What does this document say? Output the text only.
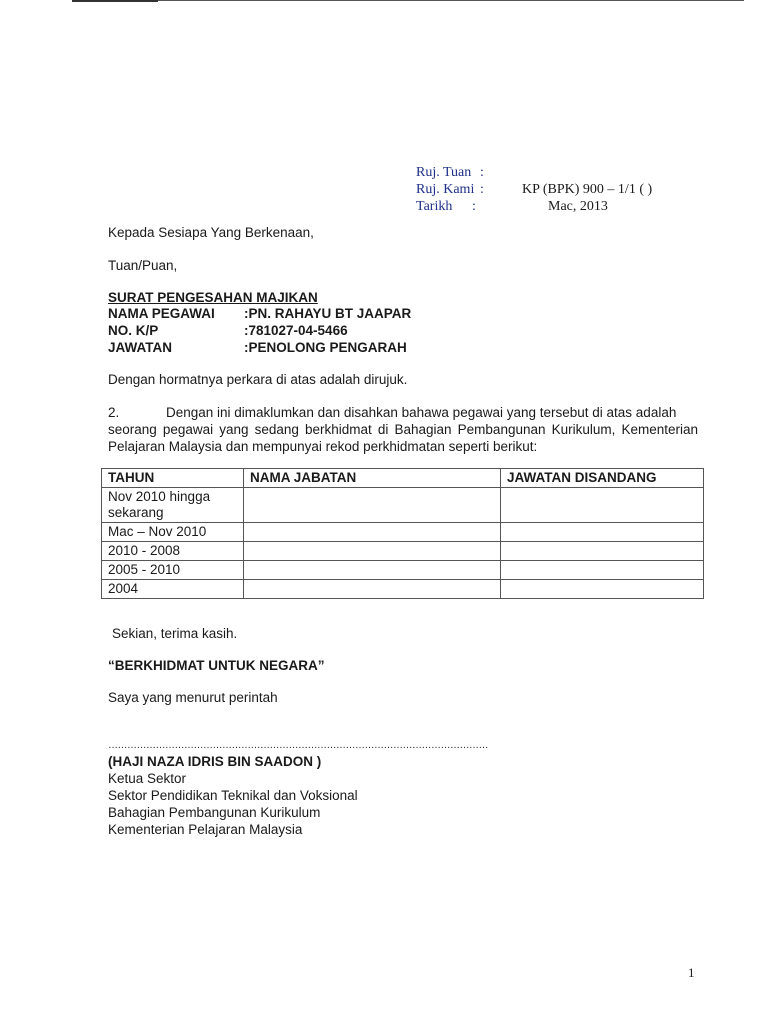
Ruj. Tuan :
Ruj. Kami :	KP (BPK) 900 – 1/1 ( )
Tarikh :	Mac, 2013
Kepada Sesiapa Yang Berkenaan,
Tuan/Puan,
SURAT PENGESAHAN MAJIKAN
NAMA PEGAWAI :PN. RAHAYU BT JAAPAR
NO. K/P	:781027-04-5466
JAWATAN	:PENOLONG PENGARAH
Dengan hormatnya perkara di atas adalah dirujuk.
2.	Dengan ini dimaklumkan dan disahkan bahawa pegawai yang tersebut di atas adalah
seorang pegawai yang sedang berkhidmat di Bahagian Pembangunan Kurikulum, Kementerian Pelajaran Malaysia dan mempunyai rekod perkhidmatan seperti berikut:
TAHUN	NAMA JABATAN	JAWATAN DISANDANG
Nov 2010 hingga sekarang		
Mac – Nov 2010		
2010 - 2008		
2005 - 2010		
2004		
Sekian, terima kasih.
“BERKHIDMAT UNTUK NEGARA”
Saya yang menurut perintah
…………………………………………………………………………………………………………
(HAJI NAZA IDRIS BIN SAADON )
Ketua Sektor
Sektor Pendidikan Teknikal dan Voksional
Bahagian Pembangunan Kurikulum
Kementerian Pelajaran Malaysia
1
